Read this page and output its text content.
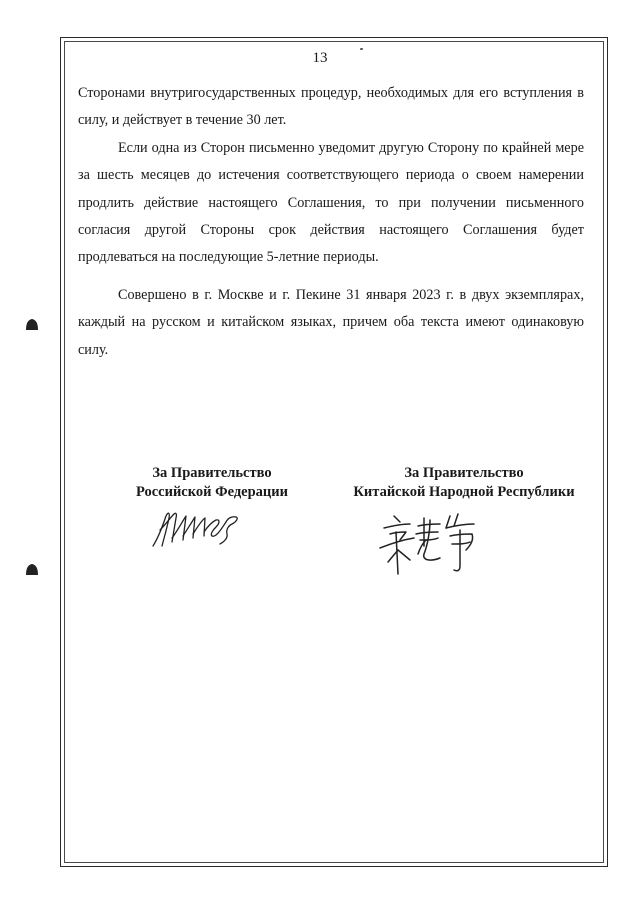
13

Сторонами внутригосударственных процедур, необходимых для его вступления в силу, и действует в течение 30 лет.

Если одна из Сторон письменно уведомит другую Сторону по крайней мере за шесть месяцев до истечения соответствующего периода о своем намерении продлить действие настоящего Соглашения, то при получении письменного согласия другой Стороны срок действия настоящего Соглашения будет продлеваться на последующие 5-летние периоды.

Совершено в г. Москве и г. Пекине 31 января 2023 г. в двух экземплярах, каждый на русском и китайском языках, причем оба текста имеют одинаковую силу.

За Правительство
Российской Федерации
За Правительство
Китайской Народной Республики
